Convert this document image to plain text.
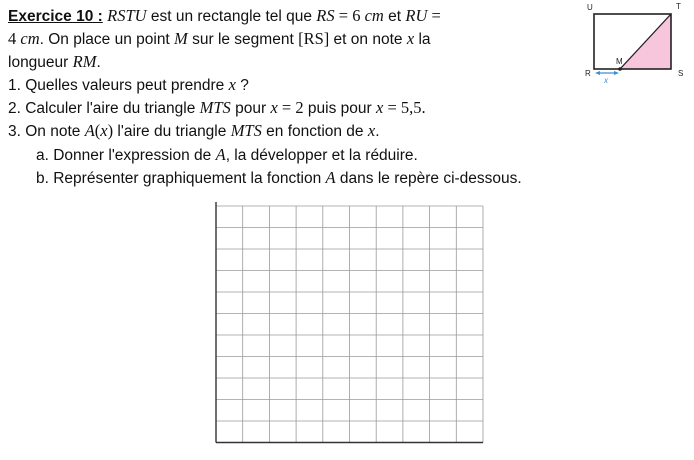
Exercice 10 : RSTU est un rectangle tel que RS = 6 cm et RU =
4 cm. On place un point M sur le segment [RS] et on note x la
longueur RM.
1. Quelles valeurs peut prendre x ?
2. Calculer l'aire du triangle MTS pour x = 2 puis pour x = 5,5.
3. On note A(x) l'aire du triangle MTS en fonction de x.
a. Donner l'expression de A, la développer et la réduire.
b. Représenter graphiquement la fonction A dans le repère ci-dessous.
U	T
R	S
M
x
